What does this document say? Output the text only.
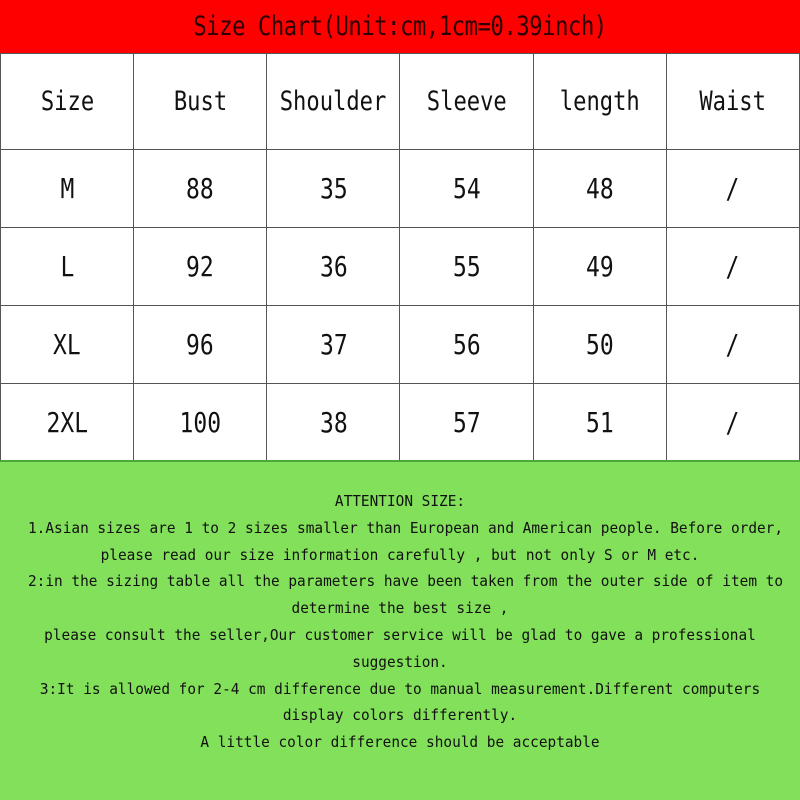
Size Chart(Unit:cm,1cm=0.39inch)
Size	Bust	Shoulder	Sleeve	length	Waist
M	88	35	54	48	/
L	92	36	55	49	/
XL	96	37	56	50	/
2XL	100	38	57	51	/
ATTENTION SIZE:
1.Asian sizes are 1 to 2 sizes smaller than European and American people. Before order,
please read our size information carefully , but not only S or M etc.
2:in the sizing table all the parameters have been taken from the outer side of item to
determine the best size ,
please consult the seller,Our customer service will be glad to gave a professional
suggestion.
3:It is allowed for 2-4 cm difference due to manual measurement.Different computers
display colors differently.
A little color difference should be acceptable
